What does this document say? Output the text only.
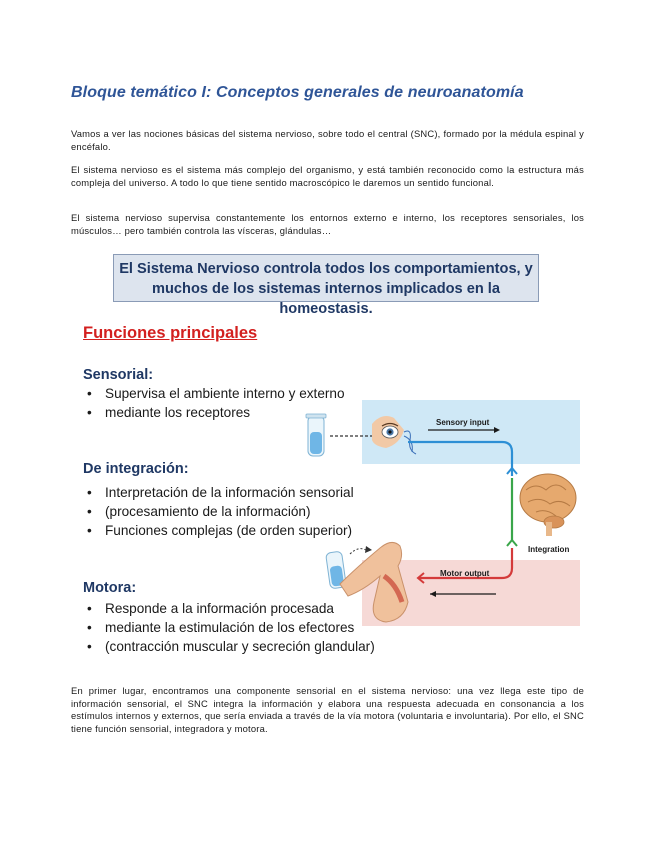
Bloque temático I: Conceptos generales de neuroanatomía

Vamos a ver las nociones básicas del sistema nervioso, sobre todo el central (SNC), formado por la médula espinal y encéfalo.

El sistema nervioso es el sistema más complejo del organismo, y está también reconocido como la estructura más compleja del universo. A todo lo que tiene sentido macroscópico le daremos un sentido funcional.

El sistema nervioso supervisa constantemente los entornos externo e interno, los receptores sensoriales, los músculos… pero también controla las vísceras, glándulas…

El Sistema Nervioso controla todos los comportamientos, y
muchos de los sistemas internos implicados en la homeostasis.
Funciones principales
Sensorial:
• Supervisa el ambiente interno y externo
• mediante los receptores
De integración:
• Interpretación de la información sensorial
• (procesamiento de la información)
• Funciones complejas (de orden superior)
Motora:
• Responde a la información procesada
• mediante la estimulación de los efectores
• (contracción muscular y secreción glandular)
Sensory input
Integration
Motor output

En primer lugar, encontramos una componente sensorial en el sistema nervioso: una vez llega este tipo de información sensorial, el SNC integra la información y elabora una respuesta adecuada en consonancia a los estímulos internos y externos, que sería enviada a través de la vía motora (voluntaria e involuntaria). Por ello, el SNC tiene función sensorial, integradora y motora.
